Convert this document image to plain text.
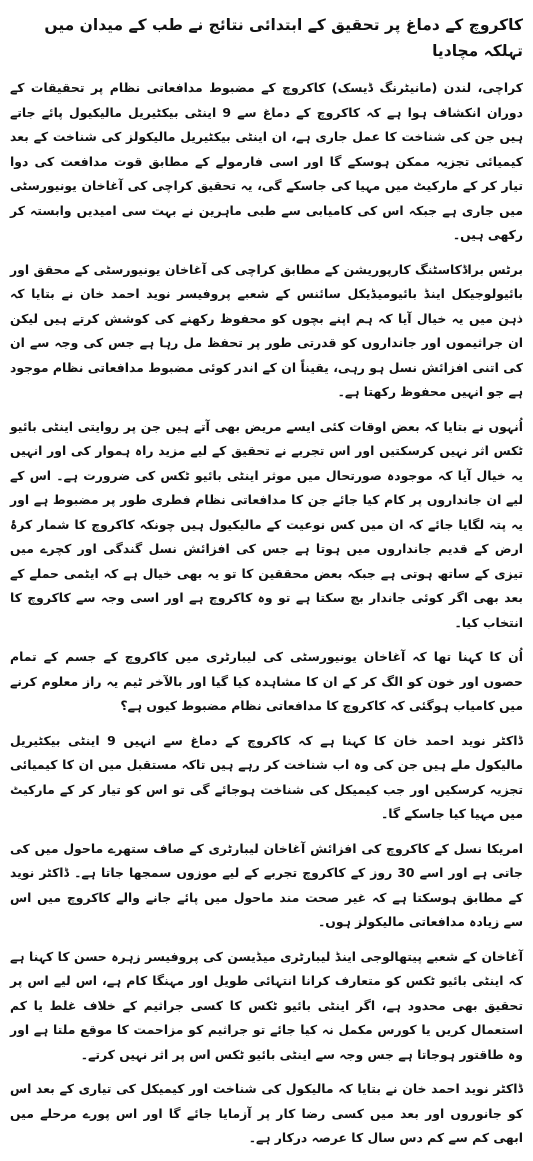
کاکروچ کے دماغ پر تحقیق کے ابتدائی نتائج نے طب کے میدان میں تہلکہ مچادیا

کراچی، لندن (مانیٹرنگ ڈیسک) کاکروچ کے مضبوط مدافعاتی نظام پر تحقیقات کے دوران انکشاف ہوا ہے کہ کاکروچ کے دماغ سے 9 اینٹی بیکٹیریل مالیکیول پائے جاتے ہیں جن کی شناخت کا عمل جاری ہے، ان اینٹی بیکٹیریل مالیکولز کی شناخت کے بعد کیمیائی تجزیہ ممکن ہوسکے گا اور اسی فارمولے کے مطابق قوت مدافعت کی دوا تیار کر کے مارکیٹ میں مہیا کی جاسکے گی، یہ تحقیق کراچی کی آغاخان یونیورسٹی میں جاری ہے جبکہ اس کی کامیابی سے طبی ماہرین نے بہت سی امیدیں وابستہ کر رکھی ہیں۔

برٹس براڈکاسٹنگ کارپوریشن کے مطابق کراچی کی آغاخان یونیورسٹی کے محقق اور بائیولوجیکل اینڈ بائیومیڈیکل سائنس کے شعبے پروفیسر نوید احمد خان نے بتایا کہ ذہن میں یہ خیال آیا کہ ہم اپنے بچوں کو محفوظ رکھنے کی کوشش کرتے ہیں لیکن ان جراثیموں اور جانداروں کو قدرتی طور پر تحفظ مل رہا ہے جس کی وجہ سے ان کی اتنی افزائش نسل ہو رہی، یقیناً ان کے اندر کوئی مضبوط مدافعاتی نظام موجود ہے جو انہیں محفوظ رکھتا ہے۔

اُنہوں نے بتایا کہ بعض اوقات کئی ایسے مریض بھی آتے ہیں جن پر روایتی اینٹی بائیو ٹکس اثر نہیں کرسکتیں اور اس تجربے نے تحقیق کے لیے مزید راہ ہموار کی اور انہیں یہ خیال آیا کہ موجودہ صورتحال میں موثر اینٹی بائیو ٹکس کی ضرورت ہے۔ اس کے لیے ان جانداروں پر کام کیا جائے جن کا مدافعاتی نظام فطری طور پر مضبوط ہے اور یہ پتہ لگایا جائے کہ ان میں کس نوعیت کے مالیکیول ہیں چونکہ کاکروچ کا شمار کرۂ ارض کے قدیم جانداروں میں ہوتا ہے جس کی افزائش نسل گندگی اور کچرے میں تیزی کے ساتھ ہوتی ہے جبکہ بعض محققین کا تو یہ بھی خیال ہے کہ ایٹمی حملے کے بعد بھی اگر کوئی جاندار بچ سکتا ہے تو وہ کاکروچ ہے اور اسی وجہ سے کاکروچ کا انتخاب کیا۔

اُن کا کہنا تھا کہ آغاخان یونیورسٹی کی لیبارٹری میں کاکروچ کے جسم کے تمام حصوں اور خون کو الگ کر کے ان کا مشاہدہ کیا گیا اور بالآخر ٹیم یہ راز معلوم کرنے میں کامیاب ہوگئی کہ کاکروچ کا مدافعاتی نظام مضبوط کیوں ہے؟

ڈاکٹر نوید احمد خان کا کہنا ہے کہ کاکروچ کے دماغ سے انہیں 9 اینٹی بیکٹیریل مالیکول ملے ہیں جن کی وہ اب شناخت کر رہے ہیں تاکہ مستقبل میں ان کا کیمیائی تجزیہ کرسکیں اور جب کیمیکل کی شناخت ہوجائے گی تو اس کو تیار کر کے مارکیٹ میں مہیا کیا جاسکے گا۔

امریکا نسل کے کاکروچ کی افزائش آغاخان لیبارٹری کے صاف ستھرے ماحول میں کی جاتی ہے اور اسے 30 روز کے کاکروچ تجربے کے لیے موزوں سمجھا جاتا ہے۔ ڈاکٹر نوید کے مطابق ہوسکتا ہے کہ غیر صحت مند ماحول میں پائے جانے والے کاکروچ میں اس سے زیادہ مدافعاتی مالیکولز ہوں۔

آغاخان کے شعبے پیتھالوجی اینڈ لیبارٹری میڈیسن کی پروفیسر زہرہ حسن کا کہنا ہے کہ اینٹی بائیو ٹکس کو متعارف کرانا انتہائی طویل اور مہنگا کام ہے، اس لیے اس پر تحقیق بھی محدود ہے، اگر اینٹی بائیو ٹکس کا کسی جراثیم کے خلاف غلط یا کم استعمال کریں یا کورس مکمل نہ کیا جائے تو جراثیم کو مزاحمت کا موقع ملتا ہے اور وہ طاقتور ہوجاتا ہے جس وجہ سے اینٹی بائیو ٹکس اس پر اثر نہیں کرتے۔

ڈاکٹر نوید احمد خان نے بتایا کہ مالیکول کی شناخت اور کیمیکل کی تیاری کے بعد اس کو جانوروں اور بعد میں کسی رضا کار پر آزمایا جائے گا اور اس پورے مرحلے میں ابھی کم سے کم دس سال کا عرصہ درکار ہے۔
